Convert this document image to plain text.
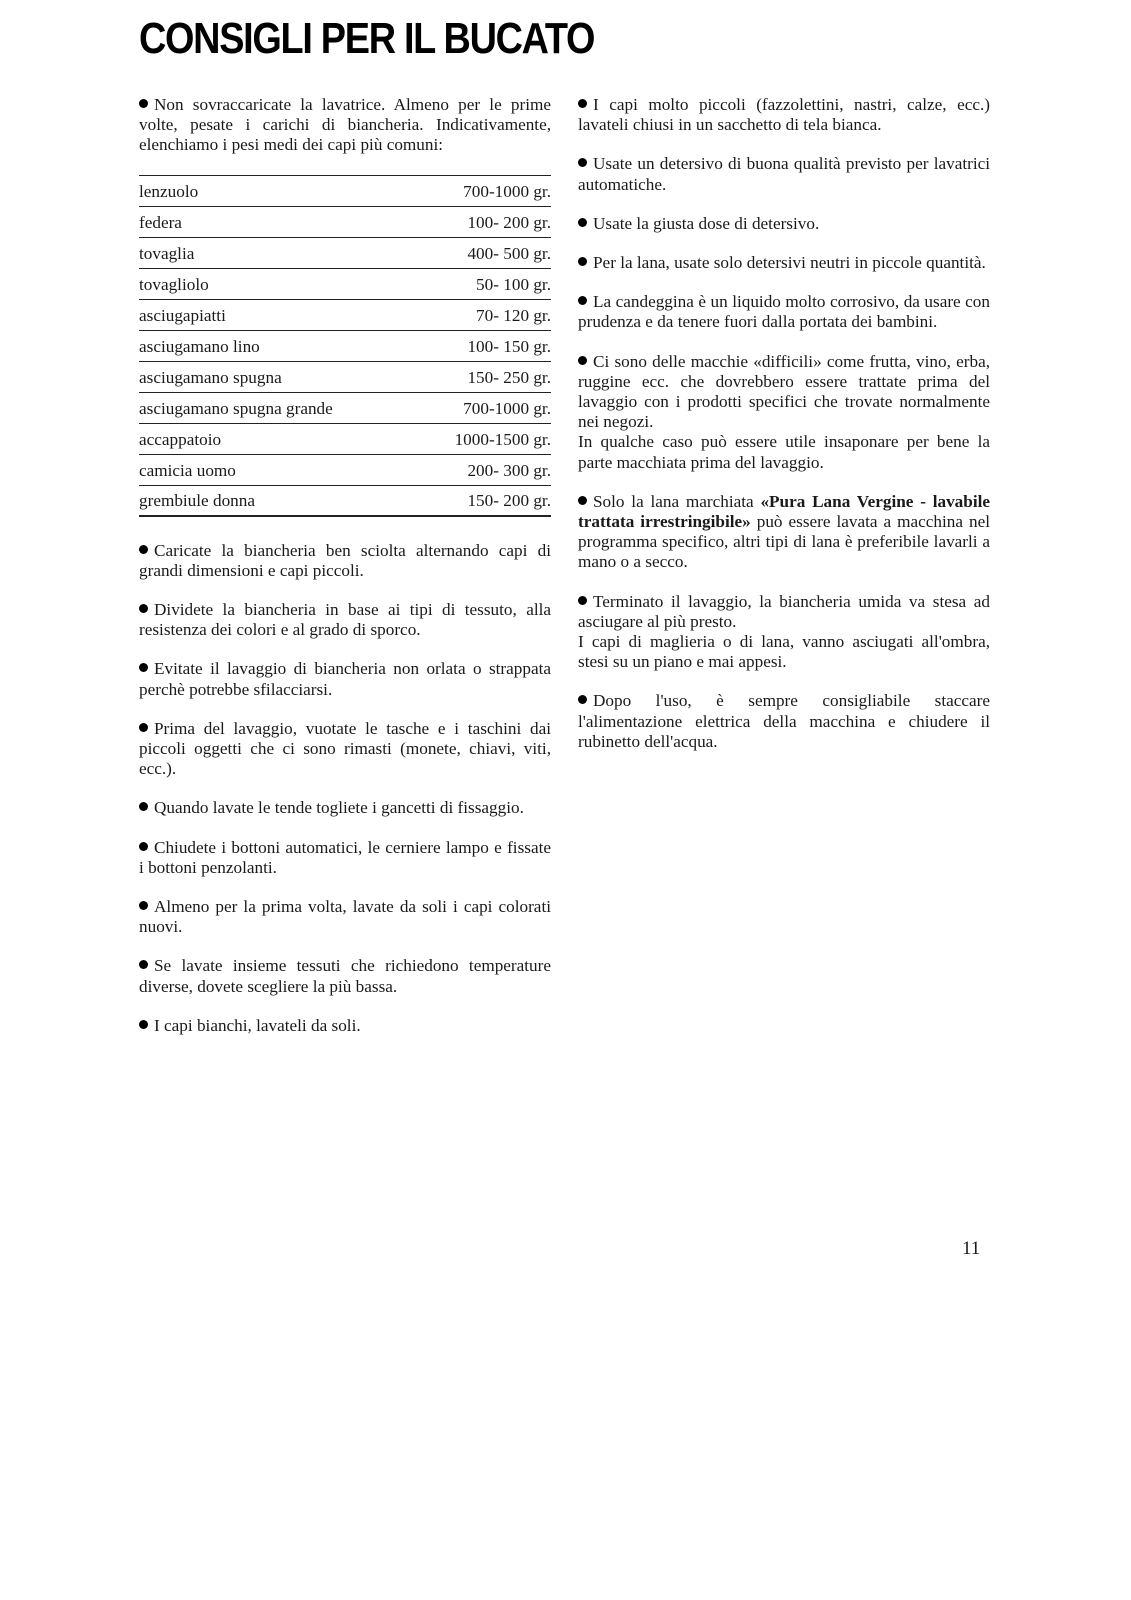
CONSIGLI PER IL BUCATO

Non sovraccaricate la lavatrice. Almeno per le prime volte, pesate i carichi di biancheria. Indicativamente, elenchiamo i pesi medi dei capi più comuni:

lenzuolo	700-1000 gr.
federa	100- 200 gr.
tovaglia	400- 500 gr.
tovagliolo	50- 100 gr.
asciugapiatti	70- 120 gr.
asciugamano lino	100- 150 gr.
asciugamano spugna	150- 250 gr.
asciugamano spugna grande	700-1000 gr.
accappatoio	1000-1500 gr.
camicia uomo	200- 300 gr.
grembiule donna	150- 200 gr.

Caricate la biancheria ben sciolta alternando capi di grandi dimensioni e capi piccoli.

Dividete la biancheria in base ai tipi di tessuto, alla resistenza dei colori e al grado di sporco.

Evitate il lavaggio di biancheria non orlata o strappata perchè potrebbe sfilacciarsi.

Prima del lavaggio, vuotate le tasche e i taschini dai piccoli oggetti che ci sono rimasti (monete, chiavi, viti, ecc.).

Quando lavate le tende togliete i gancetti di fissaggio.

Chiudete i bottoni automatici, le cerniere lampo e fissate i bottoni penzolanti.

Almeno per la prima volta, lavate da soli i capi colorati nuovi.

Se lavate insieme tessuti che richiedono temperature diverse, dovete scegliere la più bassa.

I capi bianchi, lavateli da soli.

I capi molto piccoli (fazzolettini, nastri, calze, ecc.) lavateli chiusi in un sacchetto di tela bianca.

Usate un detersivo di buona qualità previsto per lavatrici automatiche.

Usate la giusta dose di detersivo.

Per la lana, usate solo detersivi neutri in piccole quantità.

La candeggina è un liquido molto corrosivo, da usare con prudenza e da tenere fuori dalla portata dei bambini.

Ci sono delle macchie «difficili» come frutta, vino, erba, ruggine ecc. che dovrebbero essere trattate prima del lavaggio con i prodotti specifici che trovate normalmente nei negozi.
In qualche caso può essere utile insaponare per bene la parte macchiata prima del lavaggio.

Solo la lana marchiata «Pura Lana Vergine - lavabile trattata irrestringibile» può essere lavata a macchina nel programma specifico, altri tipi di lana è preferibile lavarli a mano o a secco.

Terminato il lavaggio, la biancheria umida va stesa ad asciugare al più presto.
I capi di maglieria o di lana, vanno asciugati all'ombra, stesi su un piano e mai appesi.

Dopo l'uso, è sempre consigliabile staccare l'alimentazione elettrica della macchina e chiudere il rubinetto dell'acqua.

11
